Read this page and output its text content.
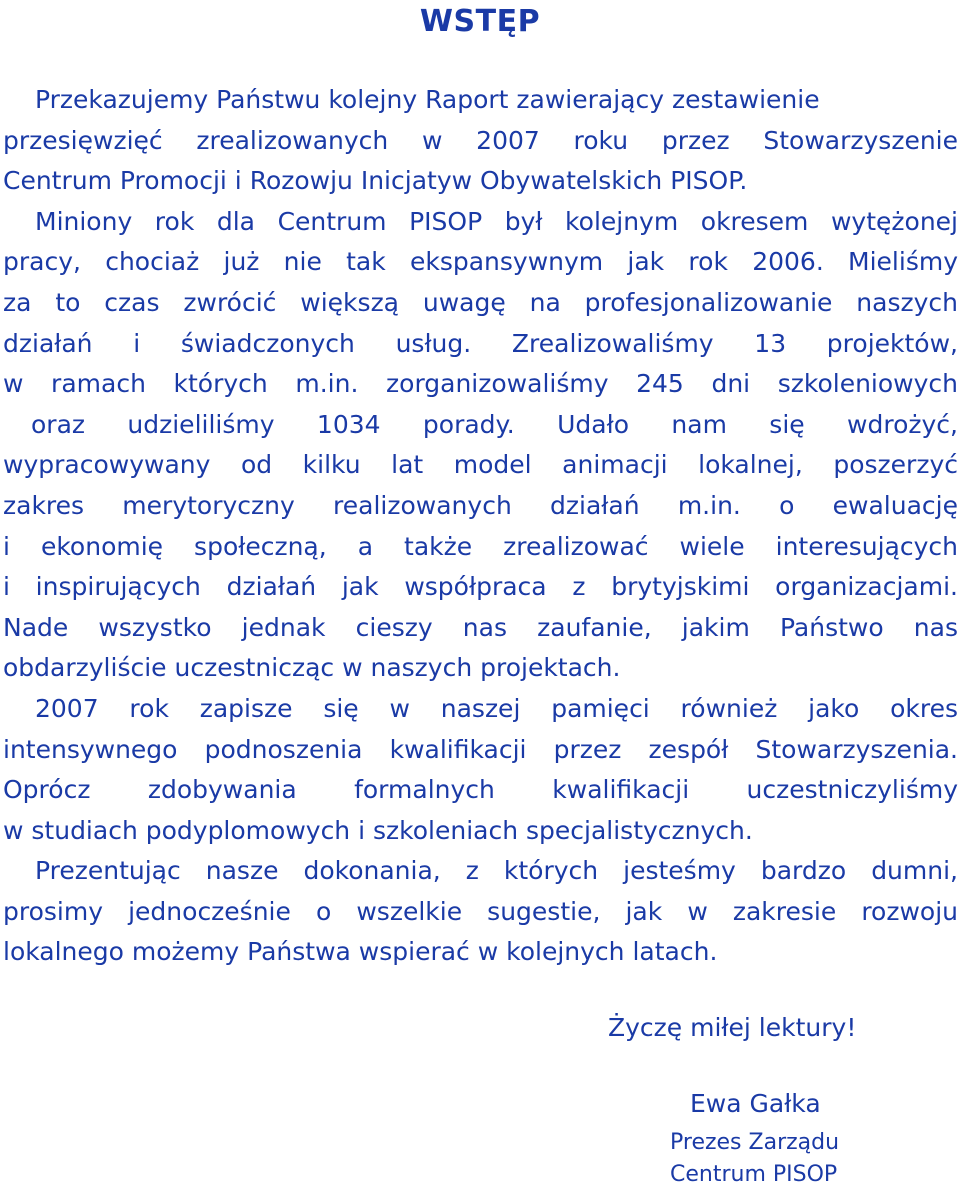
WSTĘP
Przekazujemy Państwu kolejny Raport zawierający zestawienie
przesięwzięć zrealizowanych w 2007 roku przez Stowarzyszenie
Centrum Promocji i Rozowju Inicjatyw Obywatelskich PISOP.
Miniony rok dla Centrum PISOP był kolejnym okresem wytężonej
pracy, chociaż już nie tak ekspansywnym jak rok 2006. Mieliśmy
za to czas zwrócić większą uwagę na profesjonalizowanie naszych
działań i świadczonych usług. Zrealizowaliśmy 13 projektów,
w ramach których m.in. zorganizowaliśmy 245 dni szkoleniowych
oraz udzieliliśmy 1034 porady. Udało nam się wdrożyć,
wypracowywany od kilku lat model animacji lokalnej, poszerzyć
zakres merytoryczny realizowanych działań m.in. o ewaluację
i ekonomię społeczną, a także zrealizować wiele interesujących
i inspirujących działań jak współpraca z brytyjskimi organizacjami.
Nade wszystko jednak cieszy nas zaufanie, jakim Państwo nas
obdarzyliście uczestnicząc w naszych projektach.
2007 rok zapisze się w naszej pamięci również jako okres
intensywnego podnoszenia kwalifikacji przez zespół Stowarzyszenia.
Oprócz zdobywania formalnych kwalifikacji uczestniczyliśmy
w studiach podyplomowych i szkoleniach specjalistycznych.
Prezentując nasze dokonania, z których jesteśmy bardzo dumni,
prosimy jednocześnie o wszelkie sugestie, jak w zakresie rozwoju
lokalnego możemy Państwa wspierać w kolejnych latach.
Życzę miłej lektury!
Ewa Gałka
Prezes Zarządu
Centrum PISOP
